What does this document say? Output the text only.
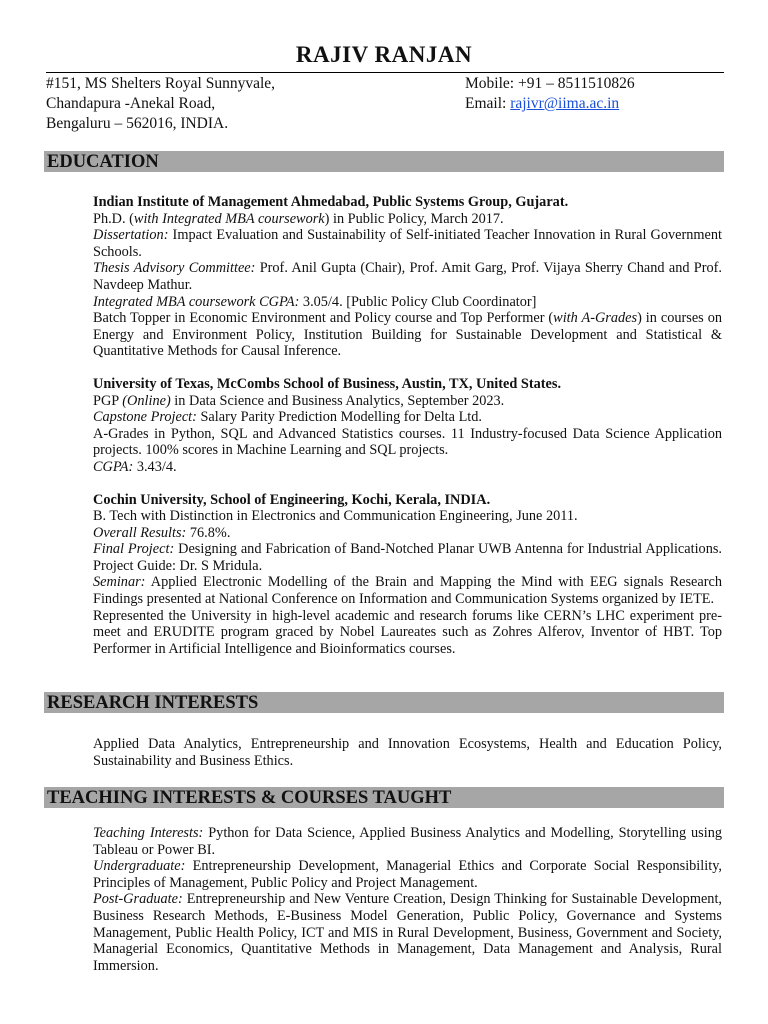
RAJIV RANJAN
#151, MS Shelters Royal Sunnyvale,
Chandapura -Anekal Road,
Bengaluru – 562016, INDIA.
Mobile: +91 – 8511510826
Email: rajivr@iima.ac.in
EDUCATION

Indian Institute of Management Ahmedabad, Public Systems Group, Gujarat.

Ph.D. (with Integrated MBA coursework) in Public Policy, March 2017.

Dissertation: Impact Evaluation and Sustainability of Self-initiated Teacher Innovation in Rural Government Schools.

Thesis Advisory Committee: Prof. Anil Gupta (Chair), Prof. Amit Garg, Prof. Vijaya Sherry Chand and Prof. Navdeep Mathur.

Integrated MBA coursework CGPA: 3.05/4. [Public Policy Club Coordinator]

Batch Topper in Economic Environment and Policy course and Top Performer (with A-Grades) in courses on Energy and Environment Policy, Institution Building for Sustainable Development and Statistical & Quantitative Methods for Causal Inference.

University of Texas, McCombs School of Business, Austin, TX, United States.

PGP (Online) in Data Science and Business Analytics, September 2023.

Capstone Project: Salary Parity Prediction Modelling for Delta Ltd.

A-Grades in Python, SQL and Advanced Statistics courses. 11 Industry-focused Data Science Application projects. 100% scores in Machine Learning and SQL projects.

CGPA: 3.43/4.

Cochin University, School of Engineering, Kochi, Kerala, INDIA.

B. Tech with Distinction in Electronics and Communication Engineering, June 2011.

Overall Results: 76.8%.

Final Project: Designing and Fabrication of Band-Notched Planar UWB Antenna for Industrial Applications. Project Guide: Dr. S Mridula.

Seminar: Applied Electronic Modelling of the Brain and Mapping the Mind with EEG signals Research Findings presented at National Conference on Information and Communication Systems organized by IETE.

Represented the University in high-level academic and research forums like CERN’s LHC experiment pre-meet and ERUDITE program graced by Nobel Laureates such as Zohres Alferov, Inventor of HBT. Top Performer in Artificial Intelligence and Bioinformatics courses.

RESEARCH INTERESTS

Applied Data Analytics, Entrepreneurship and Innovation Ecosystems, Health and Education Policy, Sustainability and Business Ethics.

TEACHING INTERESTS & COURSES TAUGHT

Teaching Interests: Python for Data Science, Applied Business Analytics and Modelling, Storytelling using Tableau or Power BI.

Undergraduate: Entrepreneurship Development, Managerial Ethics and Corporate Social Responsibility, Principles of Management, Public Policy and Project Management.

Post-Graduate: Entrepreneurship and New Venture Creation, Design Thinking for Sustainable Development, Business Research Methods, E-Business Model Generation, Public Policy, Governance and Systems Management, Public Health Policy, ICT and MIS in Rural Development, Business, Government and Society, Managerial Economics, Quantitative Methods in Management, Data Management and Analysis, Rural Immersion.
